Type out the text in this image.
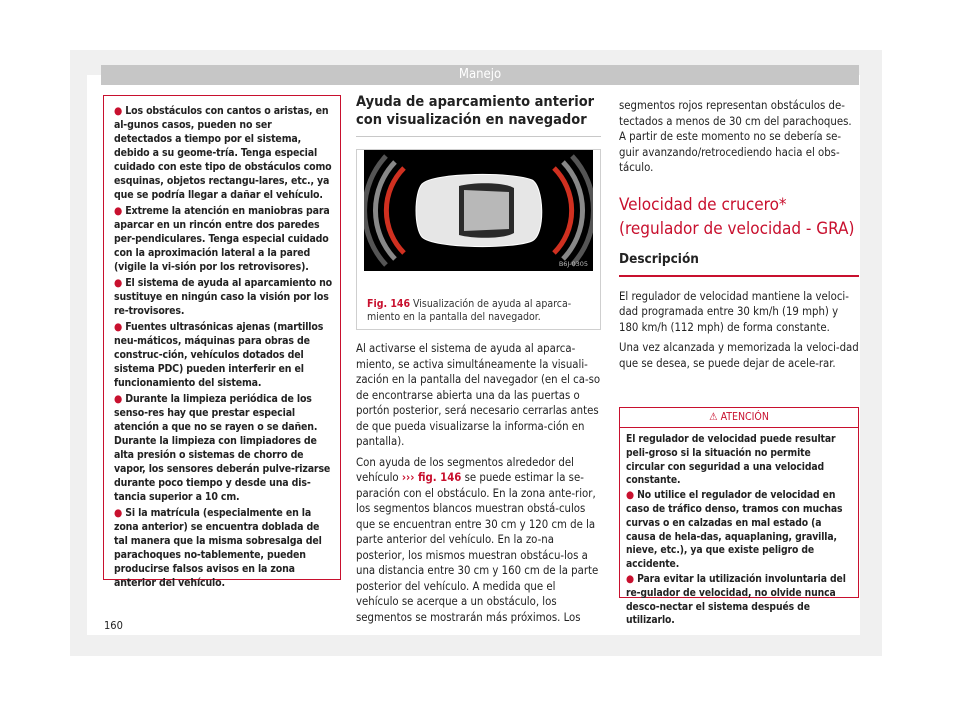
Manejo

● Los obstáculos con cantos o aristas, en al-gunos casos, pueden no ser detectados a tiempo por el sistema, debido a su geome-tría. Tenga especial cuidado con este tipo de obstáculos como esquinas, objetos rectangu-lares, etc., ya que se podría llegar a dañar el vehículo.

● Extreme la atención en maniobras para aparcar en un rincón entre dos paredes per-pendiculares. Tenga especial cuidado con la aproximación lateral a la pared (vigile la vi-sión por los retrovisores).

● El sistema de ayuda al aparcamiento no sustituye en ningún caso la visión por los re-trovisores.

● Fuentes ultrasónicas ajenas (martillos neu-máticos, máquinas para obras de construc-ción, vehículos dotados del sistema PDC) pueden interferir en el funcionamiento del sistema.

● Durante la limpieza periódica de los senso-res hay que prestar especial atención a que no se rayen o se dañen. Durante la limpieza con limpiadores de alta presión o sistemas de chorro de vapor, los sensores deberán pulve-rizarse durante poco tiempo y desde una dis-tancia superior a 10 cm.

● Si la matrícula (especialmente en la zona anterior) se encuentra doblada de tal manera que la misma sobresalga del parachoques no-tablemente, pueden producirse falsos avisos en la zona anterior del vehículo.

Ayuda de aparcamiento anterior con visualización en navegador
B6J-0305
Fig. 146 Visualización de ayuda al aparca-miento en la pantalla del navegador.

Al activarse el sistema de ayuda al aparca-miento, se activa simultáneamente la visuali-zación en la pantalla del navegador (en el ca-so de encontrarse abierta una da las puertas o portón posterior, será necesario cerrarlas antes de que pueda visualizarse la informa-ción en pantalla).

Con ayuda de los segmentos alrededor del vehículo ››› fig. 146 se puede estimar la se-paración con el obstáculo. En la zona ante-rior, los segmentos blancos muestran obstá-culos que se encuentran entre 30 cm y 120 cm de la parte anterior del vehículo. En la zo-na posterior, los mismos muestran obstácu-los a una distancia entre 30 cm y 160 cm de la parte posterior del vehículo. A medida que el vehículo se acerque a un obstáculo, los segmentos se mostrarán más próximos. Los

segmentos rojos representan obstáculos de-tectados a menos de 30 cm del parachoques. A partir de este momento no se debería se-guir avanzando/retrocediendo hacia el obs-táculo.

Velocidad de crucero* (regulador de velocidad - GRA)
Descripción

El regulador de velocidad mantiene la veloci-dad programada entre 30 km/h (19 mph) y 180 km/h (112 mph) de forma constante.

Una vez alcanzada y memorizada la veloci-dad que se desea, se puede dejar de acele-rar.

⚠ ATENCIÓN

El regulador de velocidad puede resultar peli-groso si la situación no permite circular con seguridad a una velocidad constante.

● No utilice el regulador de velocidad en caso de tráfico denso, tramos con muchas curvas o en calzadas en mal estado (a causa de hela-das, aquaplaning, gravilla, nieve, etc.), ya que existe peligro de accidente.

● Para evitar la utilización involuntaria del re-gulador de velocidad, no olvide nunca desco-nectar el sistema después de utilizarlo.

160
